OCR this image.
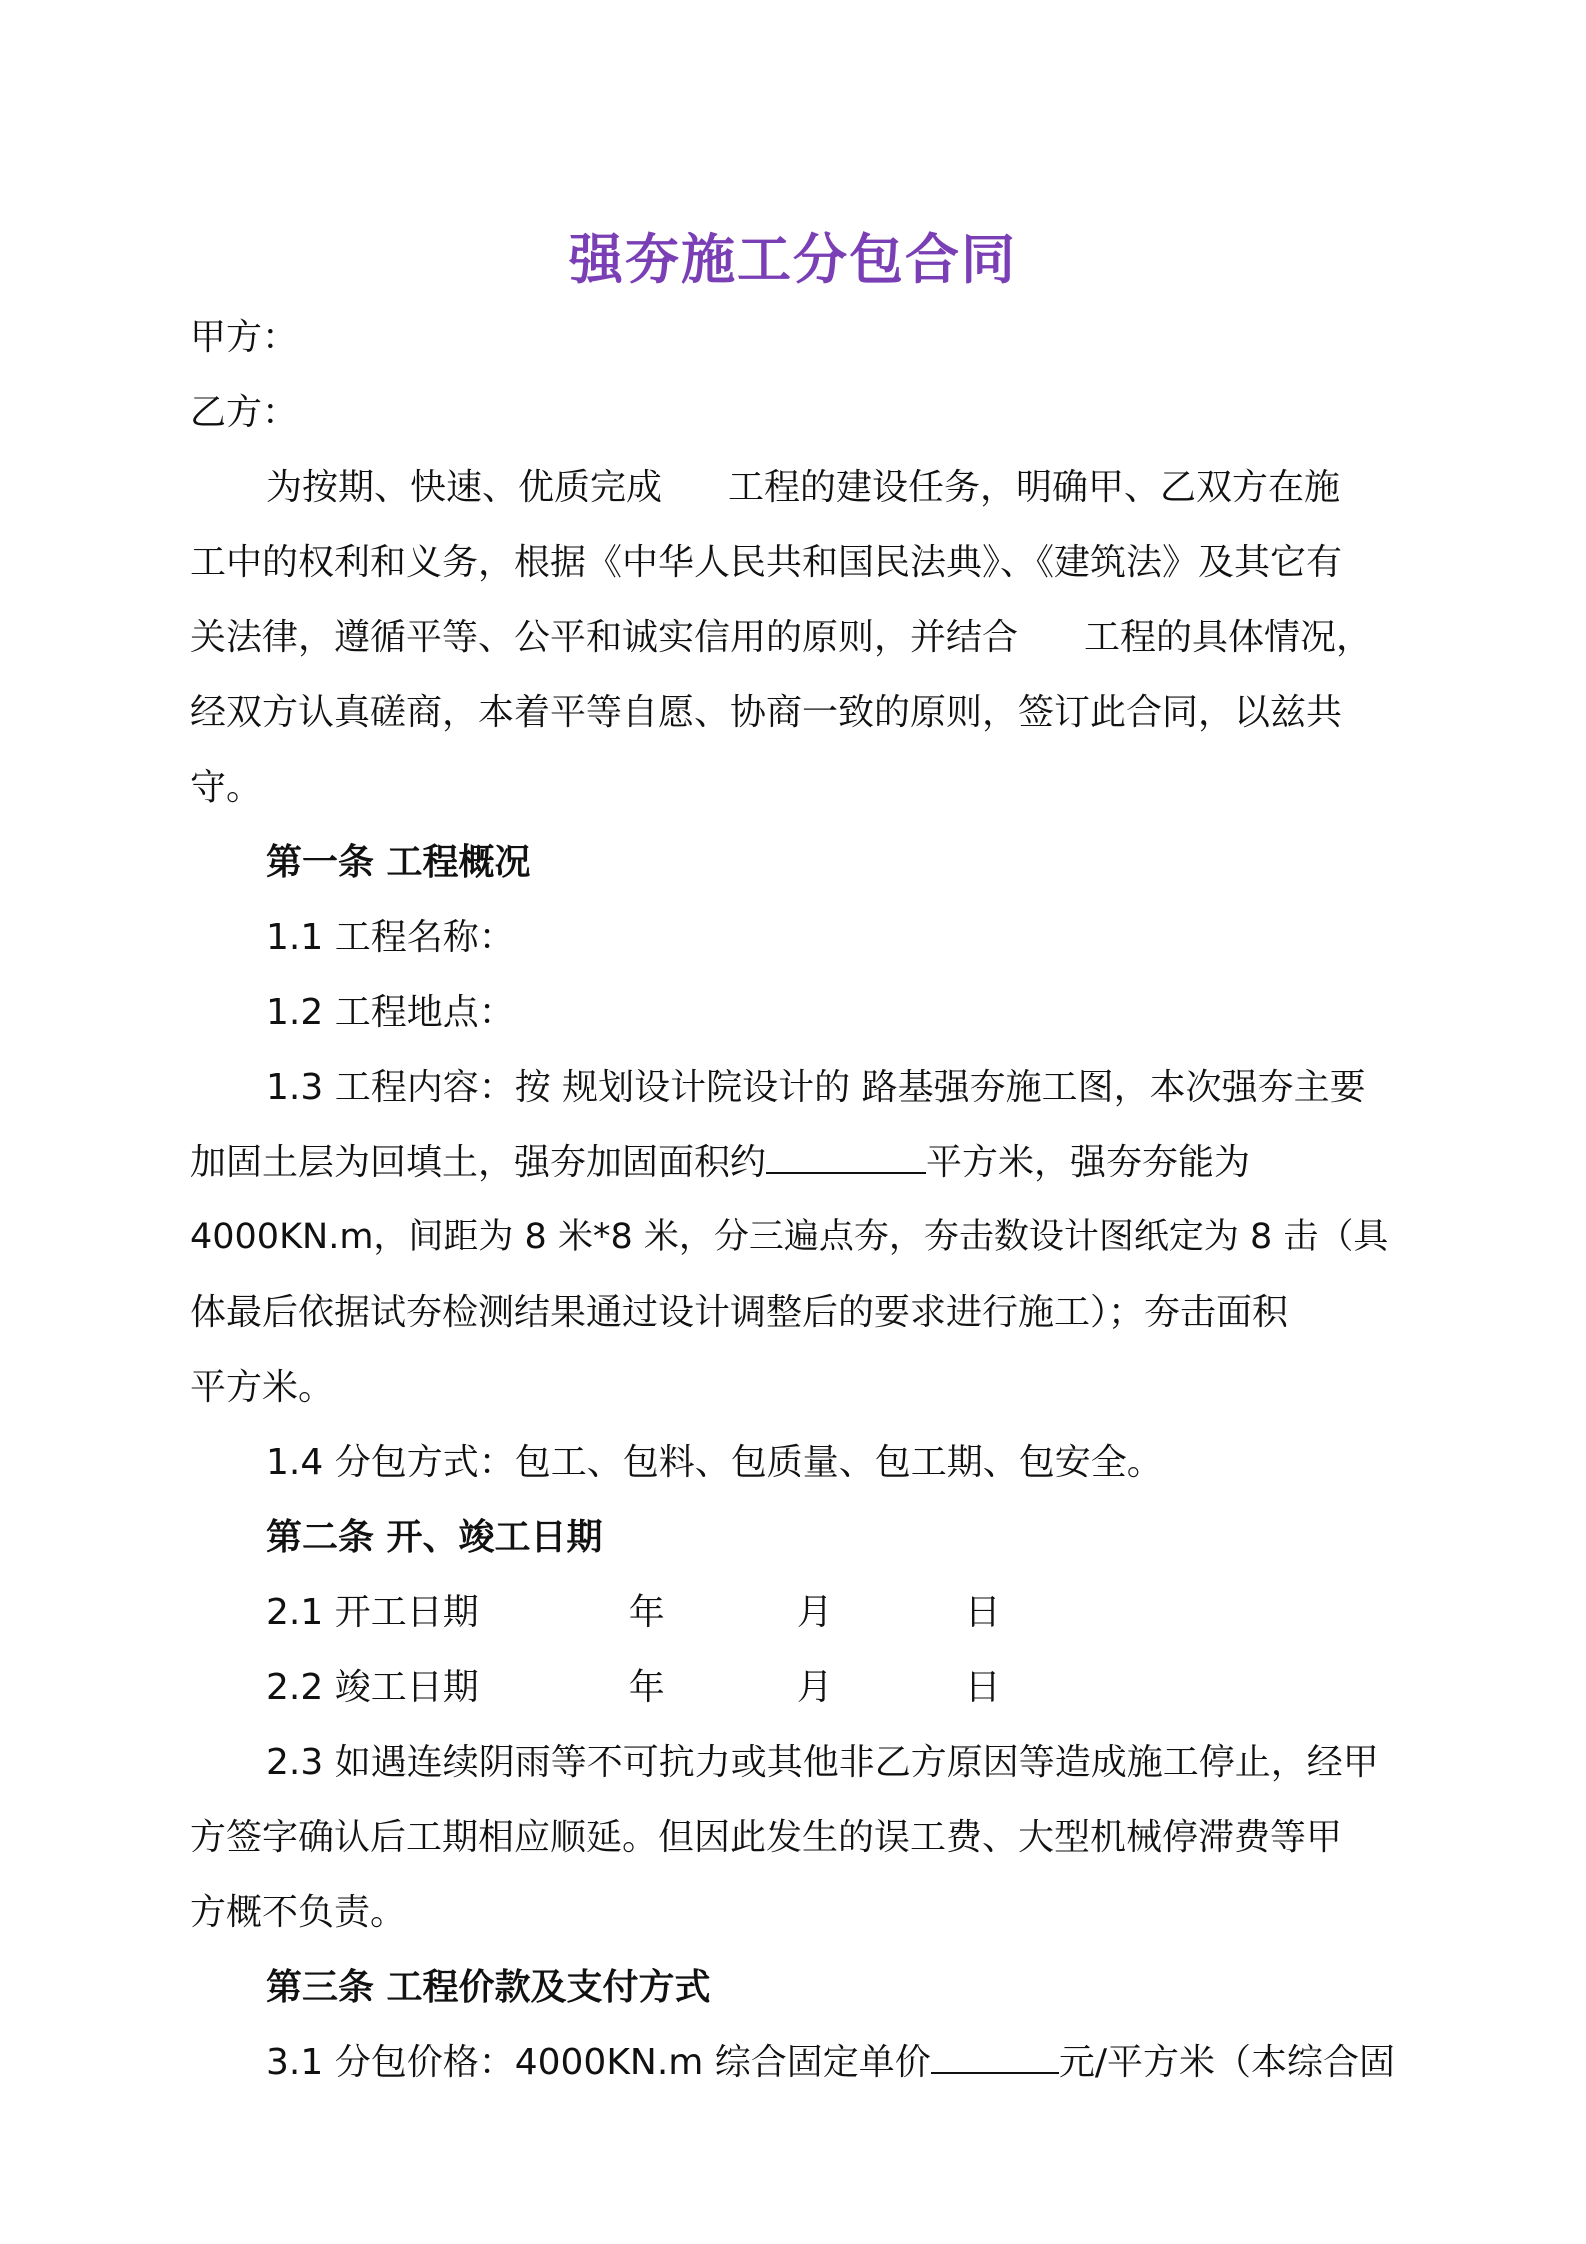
强夯施工分包合同
甲方：
乙方：
为按期、快速、优质完成 工程的建设任务，明确甲、乙双方在施
工中的权利和义务，根据《中华人民共和国民法典》、《建筑法》及其它有
关法律，遵循平等、公平和诚实信用的原则，并结合 工程的具体情况，
经双方认真磋商，本着平等自愿、协商一致的原则，签订此合同，以兹共
守。
第一条 工程概况
1.1 工程名称：
1.2 工程地点：
1.3 工程内容：按 规划设计院设计的 路基强夯施工图，本次强夯主要
加固土层为回填土，强夯加固面积约	平方米，强夯夯能为
4000KN.m，间距为 8 米*8 米，分三遍点夯，夯击数设计图纸定为 8 击（具
体最后依据试夯检测结果通过设计调整后的要求进行施工）；夯击面积
平方米。
1.4 分包方式：包工、包料、包质量、包工期、包安全。
第二条 开、竣工日期
2.1 开工日期	年	月	日
2.2 竣工日期	年	月	日
2.3 如遇连续阴雨等不可抗力或其他非乙方原因等造成施工停止，经甲
方签字确认后工期相应顺延。但因此发生的误工费、大型机械停滞费等甲
方概不负责。
第三条 工程价款及支付方式
3.1 分包价格：4000KN.m 综合固定单价	元/平方米（本综合固
